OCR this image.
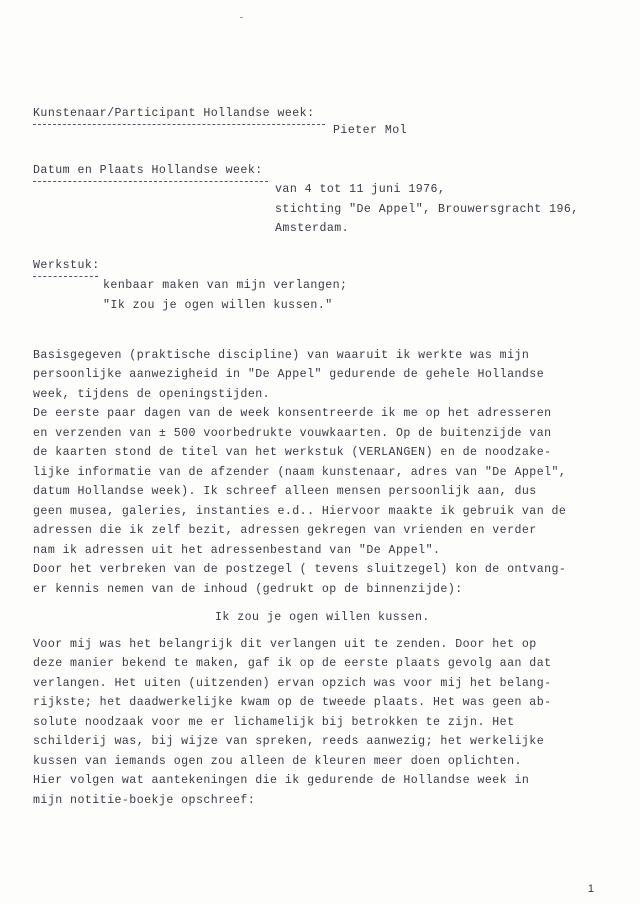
Kunstenaar/Participant Hollandse week:
Pieter Mol
Datum en Plaats Hollandse week:
van 4 tot 11 juni 1976,
stichting "De Appel", Brouwersgracht 196,
Amsterdam.
Werkstuk:
kenbaar maken van mijn verlangen;
"Ik zou je ogen willen kussen."
Basisgegeven (praktische discipline) van waaruit ik werkte was mijn
persoonlijke aanwezigheid in "De Appel" gedurende de gehele Hollandse
week, tijdens de openingstijden.
De eerste paar dagen van de week konsentreerde ik me op het adresseren
en verzenden van ± 500 voorbedrukte vouwkaarten. Op de buitenzijde van
de kaarten stond de titel van het werkstuk (VERLANGEN) en de noodzake-
lijke informatie van de afzender (naam kunstenaar, adres van "De Appel",
datum Hollandse week). Ik schreef alleen mensen persoonlijk aan, dus
geen musea, galeries, instanties e.d.. Hiervoor maakte ik gebruik van de
adressen die ik zelf bezit, adressen gekregen van vrienden en verder
nam ik adressen uit het adressenbestand van "De Appel".
Door het verbreken van de postzegel ( tevens sluitzegel) kon de ontvang-
er kennis nemen van de inhoud (gedrukt op de binnenzijde):
Ik zou je ogen willen kussen.
Voor mij was het belangrijk dit verlangen uit te zenden. Door het op
deze manier bekend te maken, gaf ik op de eerste plaats gevolg aan dat
verlangen. Het uiten (uitzenden) ervan opzich was voor mij het belang-
rijkste; het daadwerkelijke kwam op de tweede plaats. Het was geen ab-
solute noodzaak voor me er lichamelijk bij betrokken te zijn. Het
schilderij was, bij wijze van spreken, reeds aanwezig; het werkelijke
kussen van iemands ogen zou alleen de kleuren meer doen oplichten.
Hier volgen wat aantekeningen die ik gedurende de Hollandse week in
mijn notitie-boekje opschreef:
1
